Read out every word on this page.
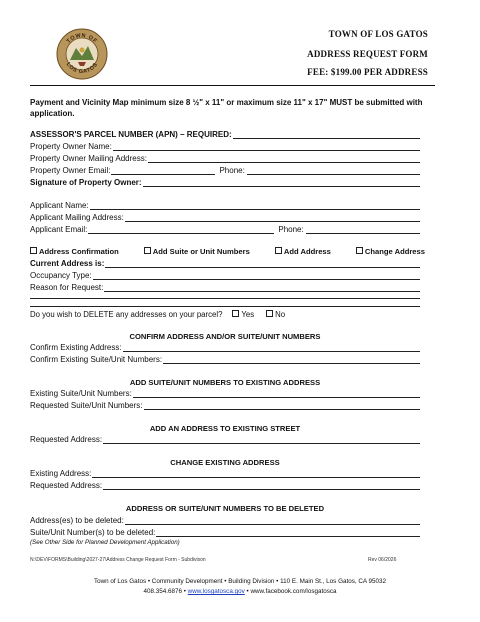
TOWN OF
LOS GATOS
TOWN OF LOS GATOS
ADDRESS REQUEST FORM
FEE: $199.00 PER ADDRESS
Payment and Vicinity Map minimum size 8 ½" x 11" or maximum size 11" x 17" MUST be submitted with application.
ASSESSOR'S PARCEL NUMBER (APN) – REQUIRED:
Property Owner Name:
Property Owner Mailing Address:
Property Owner Email:	Phone:
Signature of Property Owner:
Applicant Name:
Applicant Mailing Address:
Applicant Email:	Phone:
Address Confirmation	Add Suite or Unit Numbers	Add Address	Change Address
Current Address is:
Occupancy Type:
Reason for Request:
Do you wish to DELETE any addresses on your parcel?	Yes	No
CONFIRM ADDRESS AND/OR SUITE/UNIT NUMBERS
Confirm Existing Address:
Confirm Existing Suite/Unit Numbers:
ADD SUITE/UNIT NUMBERS TO EXISTING ADDRESS
Existing Suite/Unit Numbers:
Requested Suite/Unit Numbers:
ADD AN ADDRESS TO EXISTING STREET
Requested Address:
CHANGE EXISTING ADDRESS
Existing Address:
Requested Address:
ADDRESS OR SUITE/UNIT NUMBERS TO BE DELETED
Address(es) to be deleted:
Suite/Unit Number(s) to be deleted:
(See Other Side for Planned Development Application)
N:\DEV\FORMS\Building\2027-27\Address Change Request Form - Subdivison	Rev 06/2026
Town of Los Gatos • Community Development • Building Division • 110 E. Main St., Los Gatos, CA 95032
408.354.6876 • www.losgatosca.gov • www.facebook.com/losgatosca
